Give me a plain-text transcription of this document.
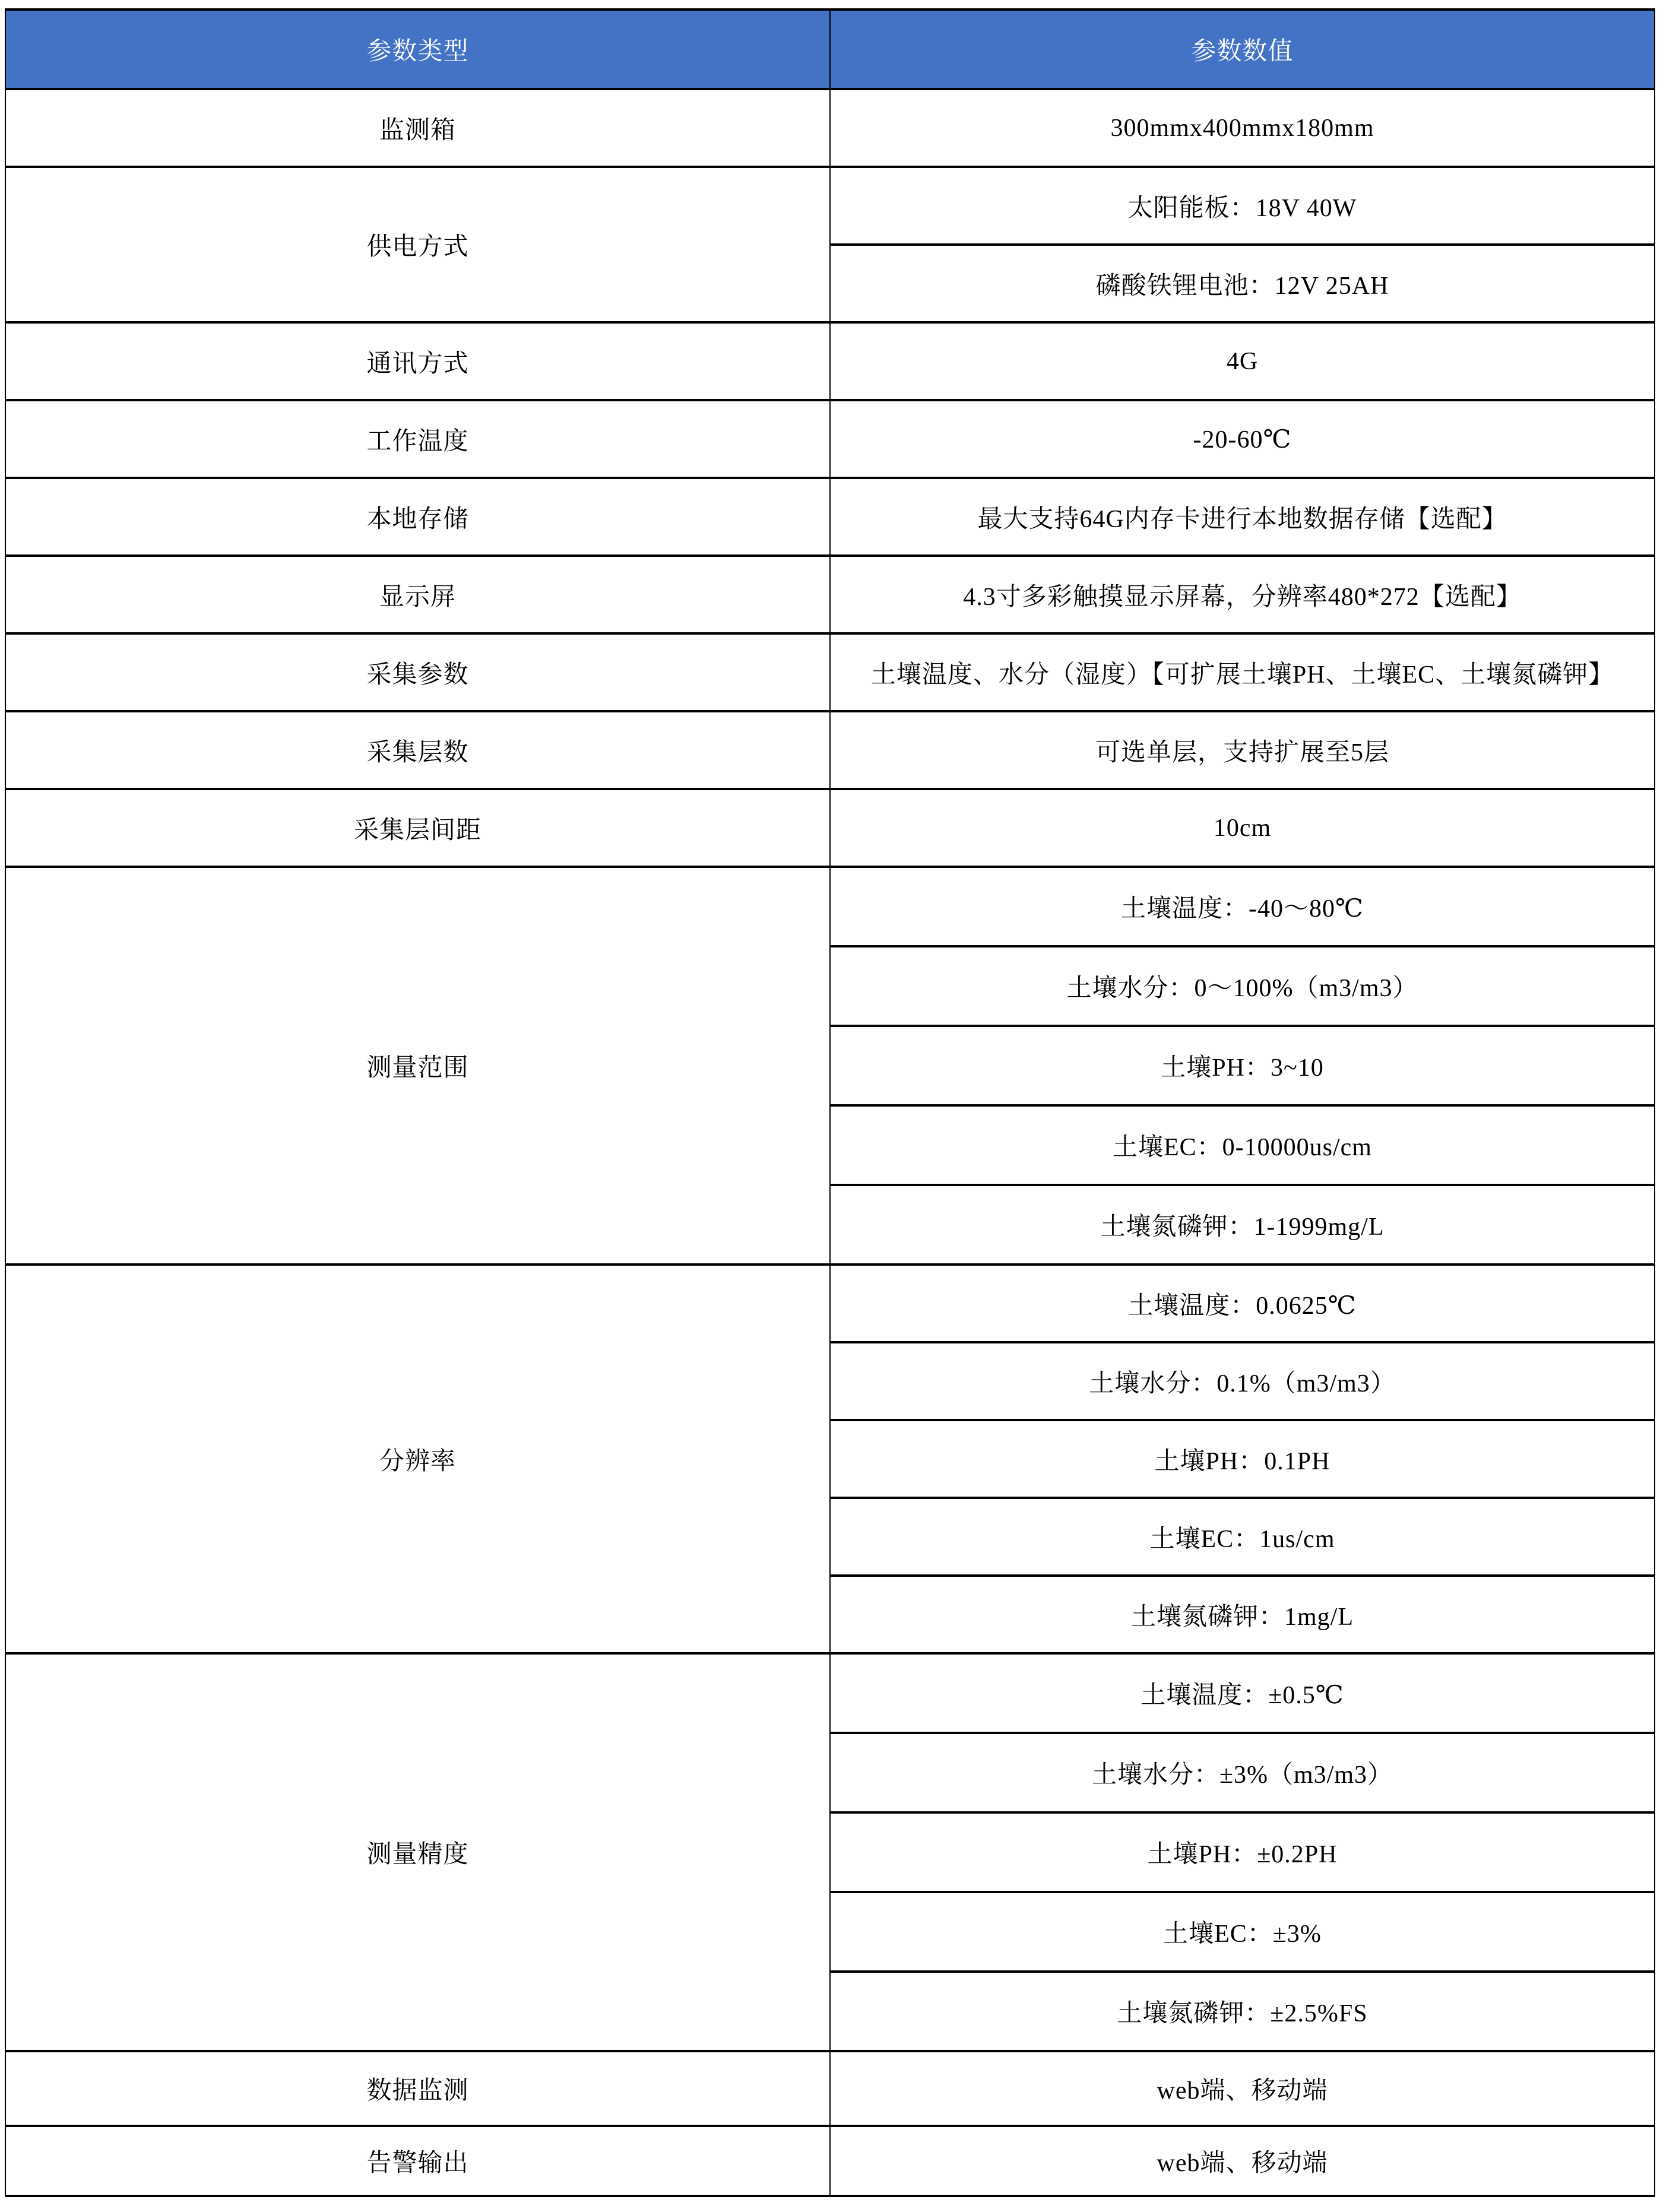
参数类型	参数数值
监测箱	300mmx400mmx180mm
供电方式	太阳能板：18V 40W
	磷酸铁锂电池：12V 25AH
通讯方式	4G
工作温度	-20-60℃
本地存储	最大支持64G内存卡进行本地数据存储【选配】
显示屏	4.3寸多彩触摸显示屏幕，分辨率480*272【选配】
采集参数	土壤温度、水分（湿度）【可扩展土壤PH、土壤EC、土壤氮磷钾】
采集层数	可选单层，支持扩展至5层
采集层间距	10cm
测量范围	土壤温度：-40～80℃
	土壤水分：0～100%（m3/m3）
	土壤PH：3~10
	土壤EC：0-10000us/cm
	土壤氮磷钾：1-1999mg/L
分辨率	土壤温度：0.0625℃
	土壤水分：0.1%（m3/m3）
	土壤PH：0.1PH
	土壤EC：1us/cm
	土壤氮磷钾：1mg/L
测量精度	土壤温度：±0.5℃
	土壤水分：±3%（m3/m3）
	土壤PH：±0.2PH
	土壤EC：±3%
	土壤氮磷钾：±2.5%FS
数据监测	web端、移动端
告警输出	web端、移动端
